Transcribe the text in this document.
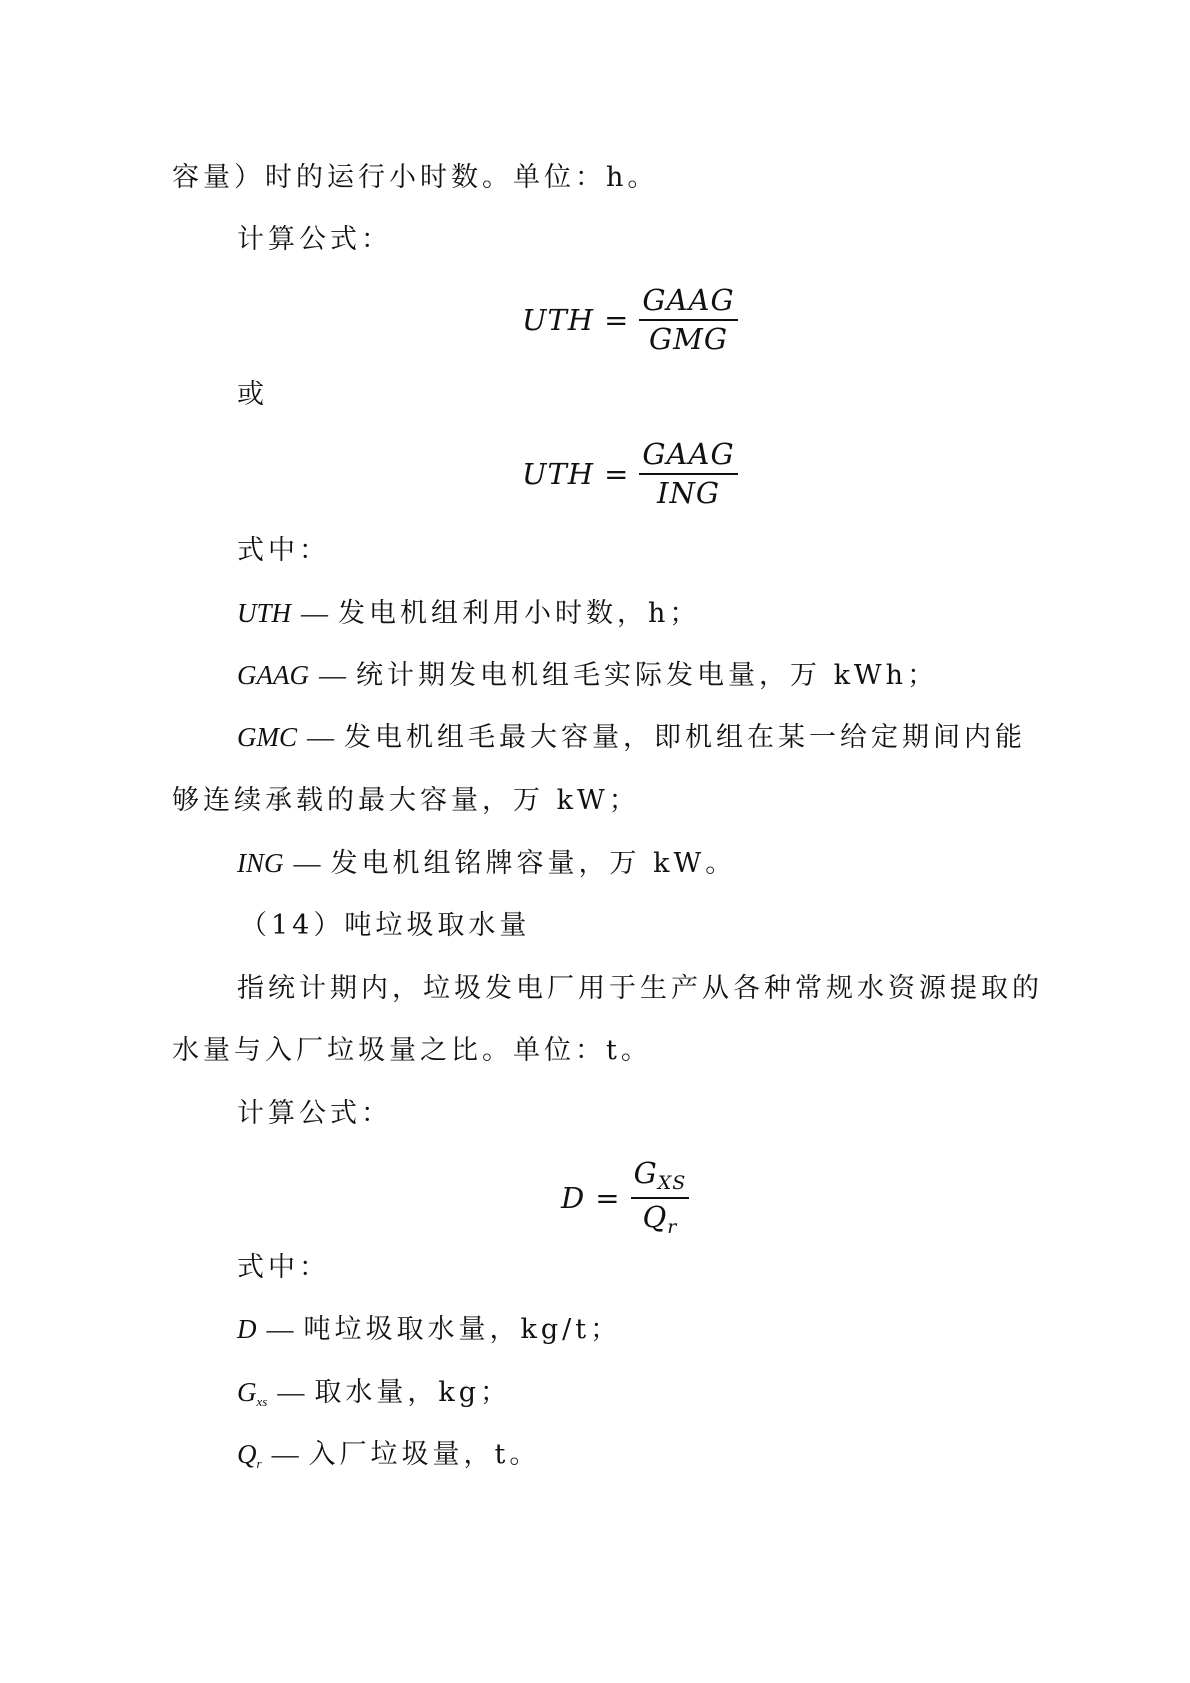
容量）时的运行小时数。单位：h。
计算公式：
UTH = $\frac{\text{GAAG}}{\text{GMG}}$
或
UTH = $\frac{\text{GAAG}}{\text{ING}}$
式中：
UTH — 发电机组利用小时数，h；
GAAG — 统计期发电机组毛实际发电量，万 kWh；
GMC — 发电机组毛最大容量，即机组在某一给定期间内能
够连续承载的最大容量，万 kW；
ING — 发电机组铭牌容量，万 kW。
（14）吨垃圾取水量
指统计期内，垃圾发电厂用于生产从各种常规水资源提取的
水量与入厂垃圾量之比。单位：t。
计算公式：
$D = \frac{G_{XS}}{Q_r}$
式中：
D — 吨垃圾取水量，kg/t；
$G_{xs}$ — 取水量，kg；
$Q_r$ — 入厂垃圾量，t。
